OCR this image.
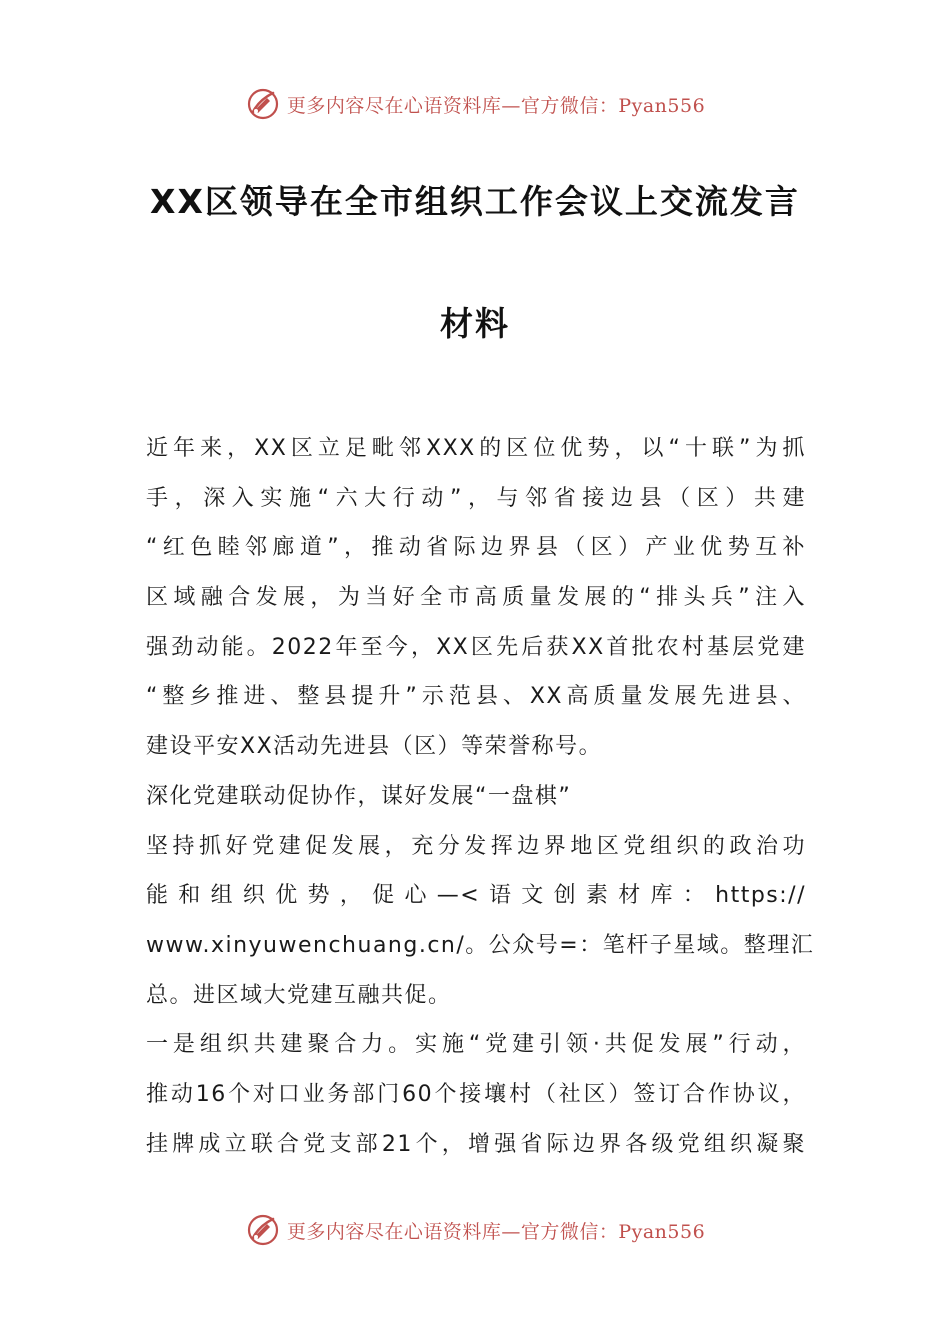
更多内容尽在心语资料库—官方微信：Pyan556
XX区领导在全市组织工作会议上交流发言
材料
近年来，XX区立足毗邻XXX的区位优势，以“十联”为抓
手，深入实施“六大行动”，与邻省接边县（区）共建
“红色睦邻廊道”，推动省际边界县（区）产业优势互补
区域融合发展，为当好全市高质量发展的“排头兵”注入
强劲动能。2022年至今，XX区先后获XX首批农村基层党建
“整乡推进、整县提升”示范县、XX高质量发展先进县、
建设平安XX活动先进县（区）等荣誉称号。
深化党建联动促协作，谋好发展“一盘棋”
坚持抓好党建促发展，充分发挥边界地区党组织的政治功
能和组织优势，促心—<语文创素材库：https://
www.xinyuwenchuang.cn/。公众号=：笔杆子星域。整理汇
总。进区域大党建互融共促。
一是组织共建聚合力。实施“党建引领·共促发展”行动，
推动16个对口业务部门60个接壤村（社区）签订合作协议，
挂牌成立联合党支部21个，增强省际边界各级党组织凝聚
更多内容尽在心语资料库—官方微信：Pyan556
